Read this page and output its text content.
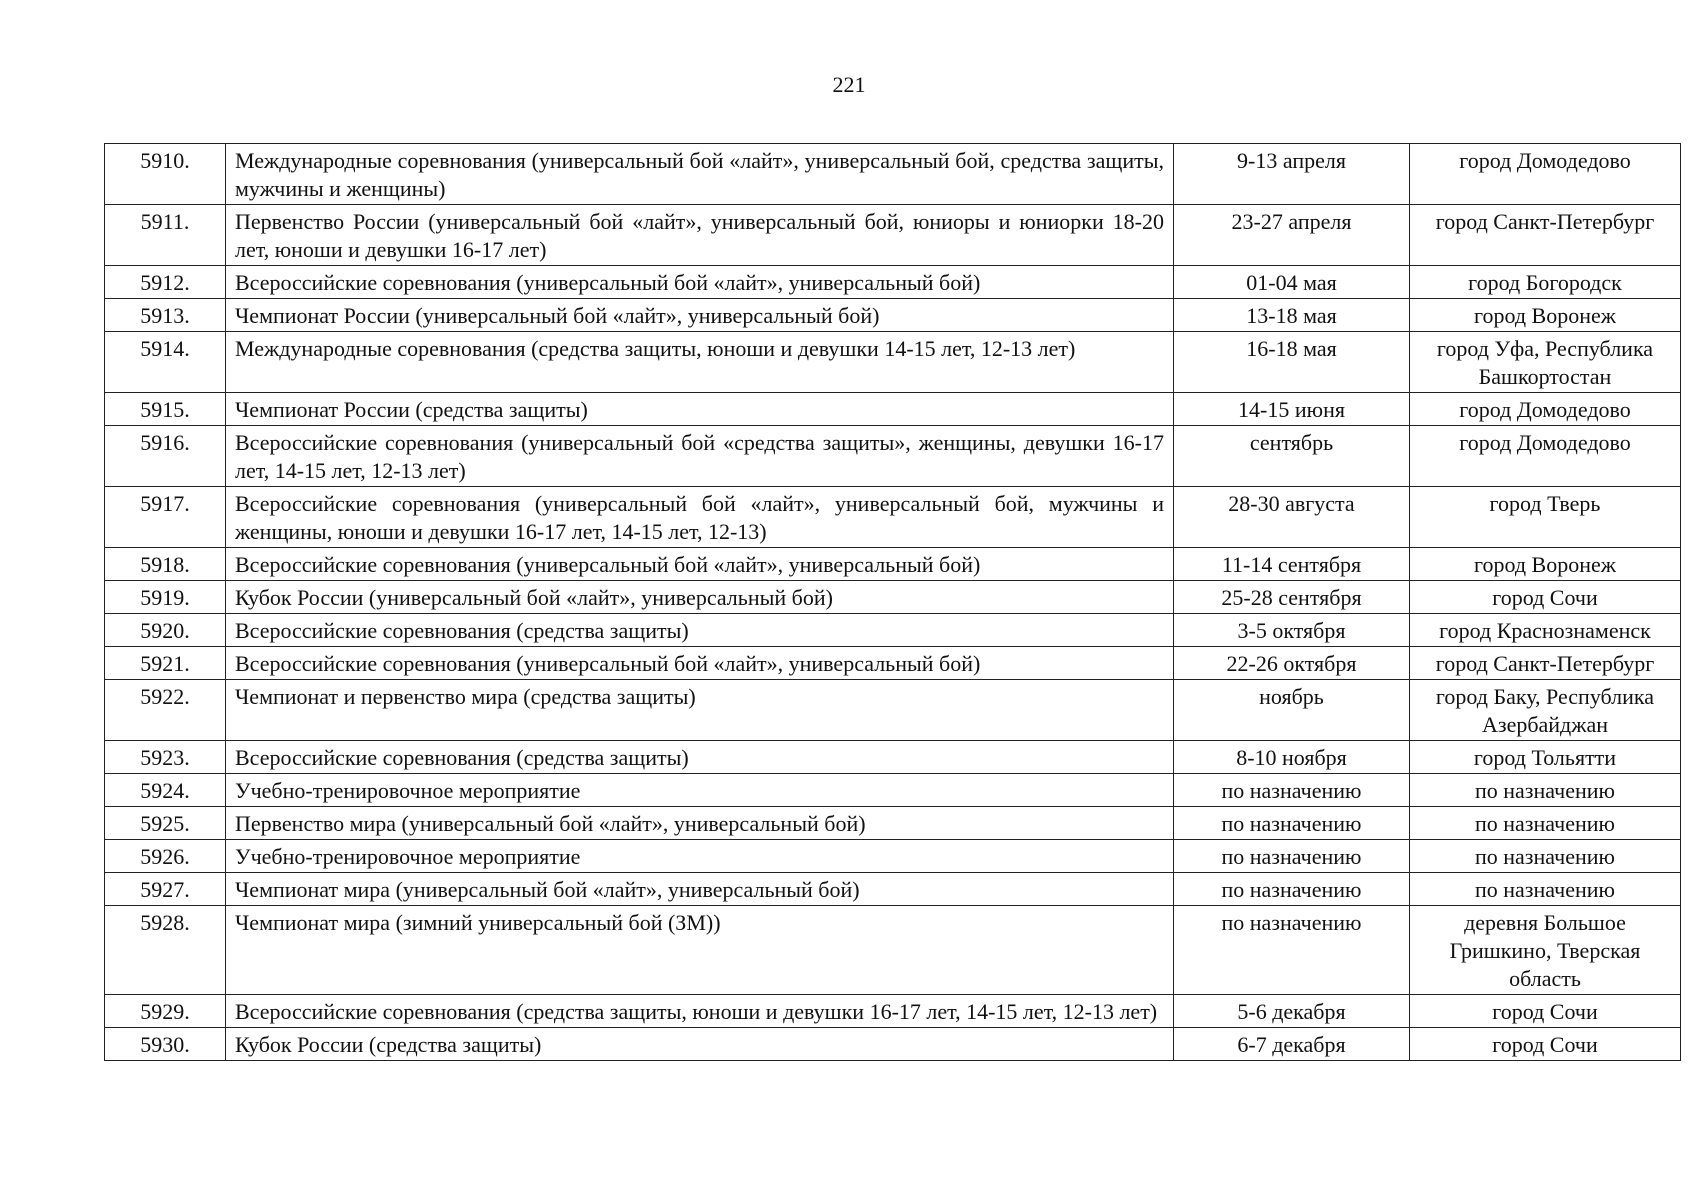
221
5910.	Международные соревнования (универсальный бой «лайт», универсальный бой, средства защиты, мужчины и женщины)	9-13 апреля	город Домодедово
5911.	Первенство России (универсальный бой «лайт», универсальный бой, юниоры и юниорки 18-20 лет, юноши и девушки 16-17 лет)	23-27 апреля	город Санкт-Петербург
5912.	Всероссийские соревнования (универсальный бой «лайт», универсальный бой)	01-04 мая	город Богородск
5913.	Чемпионат России (универсальный бой «лайт», универсальный бой)	13-18 мая	город Воронеж
5914.	Международные соревнования (средства защиты, юноши и девушки 14-15 лет, 12-13 лет)	16-18 мая	город Уфа, Республика Башкортостан
5915.	Чемпионат России (средства защиты)	14-15 июня	город Домодедово
5916.	Всероссийские соревнования (универсальный бой «средства защиты», женщины, девушки 16-17 лет, 14-15 лет, 12-13 лет)	сентябрь	город Домодедово
5917.	Всероссийские соревнования (универсальный бой «лайт», универсальный бой, мужчины и женщины, юноши и девушки 16-17 лет, 14-15 лет, 12-13)	28-30 августа	город Тверь
5918.	Всероссийские соревнования (универсальный бой «лайт», универсальный бой)	11-14 сентября	город Воронеж
5919.	Кубок России (универсальный бой «лайт», универсальный бой)	25-28 сентября	город Сочи
5920.	Всероссийские соревнования (средства защиты)	3-5 октября	город Краснознаменск
5921.	Всероссийские соревнования (универсальный бой «лайт», универсальный бой)	22-26 октября	город Санкт-Петербург
5922.	Чемпионат и первенство мира (средства защиты)	ноябрь	город Баку, Республика Азербайджан
5923.	Всероссийские соревнования (средства защиты)	8-10 ноября	город Тольятти
5924.	Учебно-тренировочное мероприятие	по назначению	по назначению
5925.	Первенство мира (универсальный бой «лайт», универсальный бой)	по назначению	по назначению
5926.	Учебно-тренировочное мероприятие	по назначению	по назначению
5927.	Чемпионат мира (универсальный бой «лайт», универсальный бой)	по назначению	по назначению
5928.	Чемпионат мира (зимний универсальный бой (ЗМ))	по назначению	деревня Большое Гришкино, Тверская область
5929.	Всероссийские соревнования (средства защиты, юноши и девушки 16-17 лет, 14-15 лет, 12-13 лет)	5-6 декабря	город Сочи
5930.	Кубок России (средства защиты)	6-7 декабря	город Сочи
